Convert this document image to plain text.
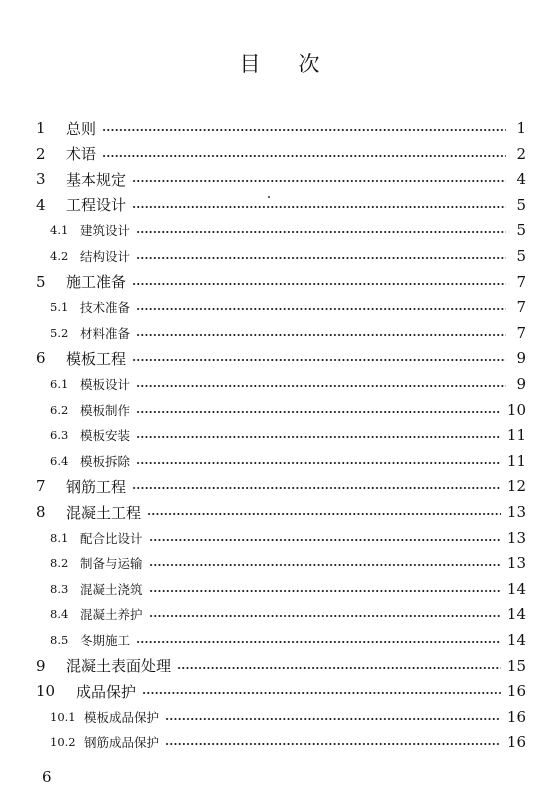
目 次
1	总则	1
2	术语	2
3	基本规定	4
4	工程设计	5
4.1 建筑设计	5
4.2 结构设计	5
5	施工准备	7
5.1 技术准备	7
5.2 材料准备	7
6	模板工程	9
6.1 模板设计	9
6.2 模板制作	10
6.3 模板安装	11
6.4 模板拆除	11
7	钢筋工程	12
8	混凝土工程	13
8.1 配合比设计	13
8.2 制备与运输	13
8.3 混凝土浇筑	14
8.4 混凝土养护	14
8.5 冬期施工	14
9	混凝土表面处理	15
10	成品保护	16
10.1 模板成品保护	16
10.2 钢筋成品保护	16
6
